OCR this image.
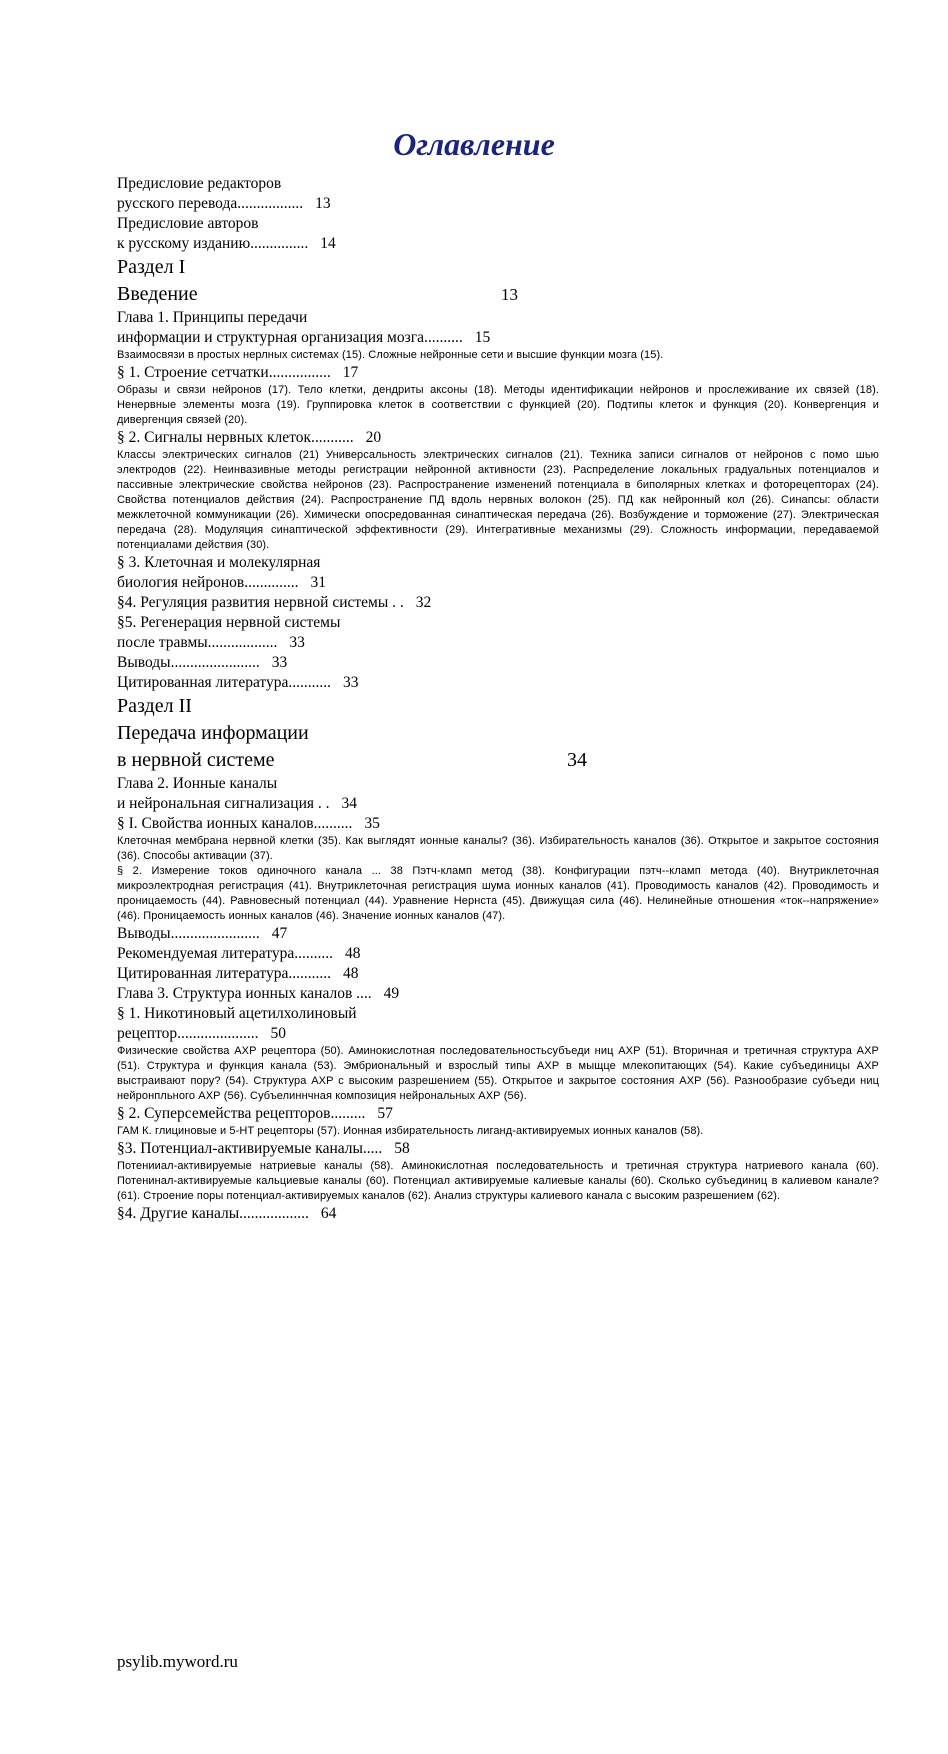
Оглавление
Предисловие редакторов
русского перевода................. 13
Предисловие авторов
к русскому изданию............... 14
Раздел I
Введение	13
Глава 1. Принципы передачи
информации и структурная организация мозга.......... 15
Взаимосвязи в простых нерлных системах (15). Сложные нейронные сети и высшие функции мозга (15).
§ 1. Строение сетчатки................ 17
Образы и связи нейронов (17). Тело клетки, дендриты аксоны (18). Методы идентификации нейронов и прослеживание их связей (18). Ненервные элементы мозга (19). Группировка клеток в соответствии с функцией (20). Подтипы клеток и функция (20). Конвергенция и дивергенция связей (20).
§ 2. Сигналы нервных клеток........... 20
Классы электрических сигналов (21) Универсальность электрических сигналов (21). Техника записи сигналов от нейронов с помо шью электродов (22). Неинвазивные методы регистрации нейронной активности (23). Распределение локальных градуальных потенциалов и пассивные электрические свойства нейронов (23). Распространение изменений потенциала в биполярных клетках и фоторецепторах (24). Свойства потенциалов действия (24). Распространение ПД вдоль нервных волокон (25). ПД как нейронный кол (26). Синапсы: области межклеточной коммуникации (26). Химически опосредованная синаптическая передача (26). Возбуждение и торможение (27). Электрическая передача (28). Модуляция синаптической эффективности (29). Интегративные механизмы (29). Сложность информации, передаваемой потенциалами действия (30).
§ 3. Клеточная и молекулярная
биология нейронов.............. 31
§4. Регуляция развития нервной системы . . 32
§5. Регенерация нервной системы
после травмы.................. 33
Выводы....................... 33
Цитированная литература........... 33
Раздел II
Передача информации
в нервной системе	34
Глава 2. Ионные каналы
и нейрональная сигнализация . . 34
§ I. Свойства ионных каналов.......... 35
Клеточная мембрана нервной клетки (35). Как выглядят ионные каналы? (36). Избирательность каналов (36). Открытое и закрытое состояния (36). Способы активации (37).
§ 2. Измерение токов одиночного канала ... 38 Пэтч-кламп метод (38). Конфигурации пэтч--кламп метода (40). Внутриклеточная микроэлектродная регистрация (41). Внутриклеточная регистрация шума ионных каналов (41). Проводимость каналов (42). Проводимость и проницаемость (44). Равновесный потенциал (44). Уравнение Нернста (45). Движущая сила (46). Нелинейные отношения «ток--напряжение» (46). Проницаемость ионных каналов (46). Значение ионных каналов (47).
Выводы....................... 47
Рекомендуемая литература.......... 48
Цитированная литература........... 48
Глава 3. Структура ионных каналов .... 49
§ 1. Никотиновый ацетилхолиновый
рецептор..................... 50
Физические свойства АХР рецептора (50). Аминокислотная последовательностьсубъеди ниц АХР (51). Вторичная и третичная структура АХР (51). Структура и функция канала (53). Эмбриональный и взрослый типы АХР в мыщце млекопитающих (54). Какие субъединицы АХР выстраивают пору? (54). Структура АХР с высоким разрешением (55). Открытое и закрытое состояния АХР (56). Разнообразие субъеди ниц нейронпльного АХР (56). Субъелиннчная композиция нейрональных АХР (56).
§ 2. Суперсемейства рецепторов......... 57
ГАМ К. глициновые и 5-НТ рецепторы (57). Ионная избирательность лиганд-активируемых ионных каналов (58).
§3. Потенциал-активируемые каналы..... 58
Потенииал-активируемые натриевые каналы (58). Аминокислотная последовательность и третичная структура натриевого канала (60). Потенинал-активируемые кальциевые каналы (60). Потенциал активируемые калиевые каналы (60). Сколько субъединиц в калиевом канале? (61). Строение поры потенциал-активируемых каналов (62). Анализ структуры калиевого канала с высоким разрешением (62).
§4. Другие каналы.................. 64
psylib.myword.ru
